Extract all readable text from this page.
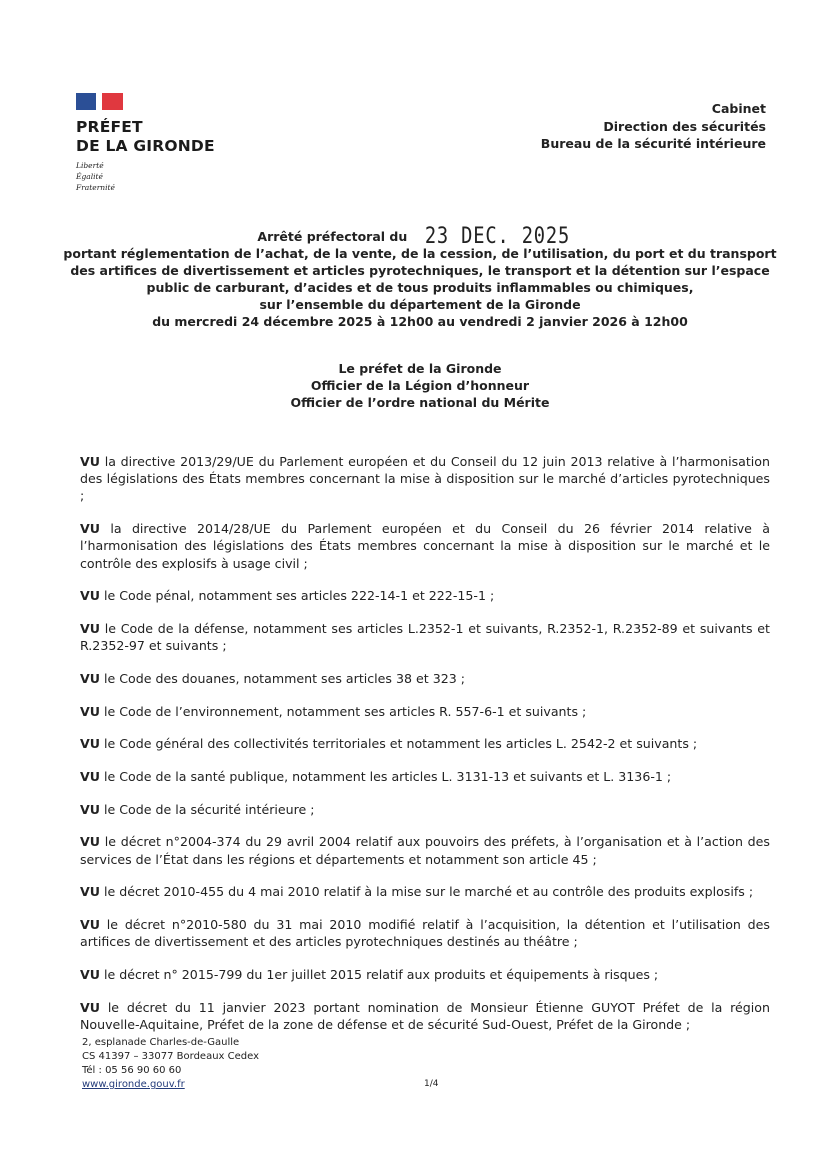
PRÉFET
DE LA GIRONDE
Liberté
Égalité
Fraternité
Cabinet
Direction des sécurités
Bureau de la sécurité intérieure
Arrêté préfectoral du 23 DEC. 2025
portant réglementation de l’achat, de la vente, de la cession, de l’utilisation, du port et du transport
des artifices de divertissement et articles pyrotechniques, le transport et la détention sur l’espace
public de carburant, d’acides et de tous produits inflammables ou chimiques,
sur l’ensemble du département de la Gironde
du mercredi 24 décembre 2025 à 12h00 au vendredi 2 janvier 2026 à 12h00
Le préfet de la Gironde
Officier de la Légion d’honneur
Officier de l’ordre national du Mérite

VU la directive 2013/29/UE du Parlement européen et du Conseil du 12 juin 2013 relative à l’harmonisation des législations des États membres concernant la mise à disposition sur le marché d’articles pyrotechniques ;

VU la directive 2014/28/UE du Parlement européen et du Conseil du 26 février 2014 relative à l’harmonisation des législations des États membres concernant la mise à disposition sur le marché et le contrôle des explosifs à usage civil ;

VU le Code pénal, notamment ses articles 222-14-1 et 222-15-1 ;

VU le Code de la défense, notamment ses articles L.2352-1 et suivants, R.2352-1, R.2352-89 et suivants et R.2352-97 et suivants ;

VU le Code des douanes, notamment ses articles 38 et 323 ;

VU le Code de l’environnement, notamment ses articles R. 557-6-1 et suivants ;

VU le Code général des collectivités territoriales et notamment les articles L. 2542-2 et suivants ;

VU le Code de la santé publique, notamment les articles L. 3131-13 et suivants et L. 3136-1 ;

VU le Code de la sécurité intérieure ;

VU le décret n°2004-374 du 29 avril 2004 relatif aux pouvoirs des préfets, à l’organisation et à l’action des services de l’État dans les régions et départements et notamment son article 45 ;

VU le décret 2010-455 du 4 mai 2010 relatif à la mise sur le marché et au contrôle des produits explosifs ;

VU le décret n°2010-580 du 31 mai 2010 modifié relatif à l’acquisition, la détention et l’utilisation des artifices de divertissement et des articles pyrotechniques destinés au théâtre ;

VU le décret n° 2015-799 du 1er juillet 2015 relatif aux produits et équipements à risques ;

VU le décret du 11 janvier 2023 portant nomination de Monsieur Étienne GUYOT Préfet de la région Nouvelle-Aquitaine, Préfet de la zone de défense et de sécurité Sud-Ouest, Préfet de la Gironde ;

2, esplanade Charles-de-Gaulle
CS 41397 – 33077 Bordeaux Cedex
Tél : 05 56 90 60 60
www.gironde.gouv.fr	1/4
